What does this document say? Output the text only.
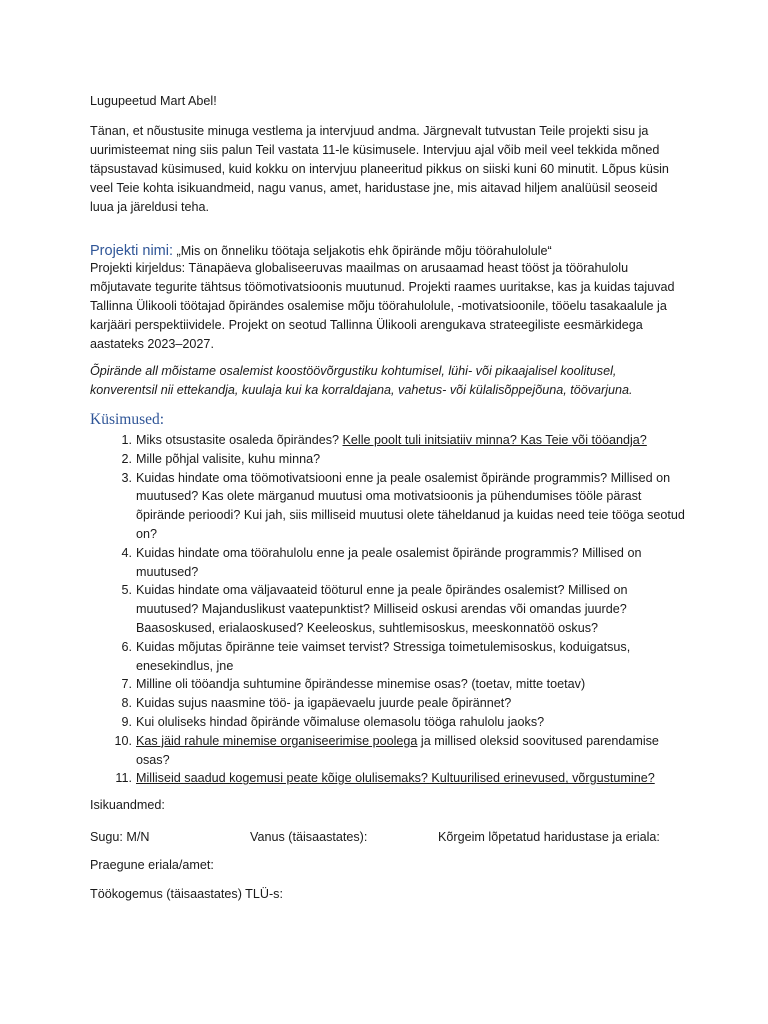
Lugupeetud Mart Abel!

Tänan, et nõustusite minuga vestlema ja intervjuud andma. Järgnevalt tutvustan Teile projekti sisu ja uurimisteemat ning siis palun Teil vastata 11-le küsimusele. Intervjuu ajal võib meil veel tekkida mõned täpsustavad küsimused, kuid kokku on intervjuu planeeritud pikkus on siiski kuni 60 minutit. Lõpus küsin veel Teie kohta isikuandmeid, nagu vanus, amet, haridustase jne, mis aitavad hiljem analüüsil seoseid luua ja järeldusi teha.

Projekti nimi: „Mis on õnneliku töötaja seljakotis ehk õpirände mõju töörahulolule“

Projekti kirjeldus: Tänapäeva globaliseeruvas maailmas on arusaamad heast tööst ja töörahulolu mõjutavate tegurite tähtsus töömotivatsioonis muutunud. Projekti raames uuritakse, kas ja kuidas tajuvad Tallinna Ülikooli töötajad õpirändes osalemise mõju töörahulolule, -motivatsioonile, tööelu tasakaalule ja karjääri perspektiividele. Projekt on seotud Tallinna Ülikooli arengukava strateegiliste eesmärkidega aastateks 2023–2027.

Õpirände all mõistame osalemist koostöövõrgustiku kohtumisel, lühi- või pikaajalisel koolitusel, konverentsil nii ettekandja, kuulaja kui ka korraldajana, vahetus- või külalisõppejõuna, töövarjuna.

Küsimused:
1. Miks otsustasite osaleda õpirändes? Kelle poolt tuli initsiatiiv minna? Kas Teie või tööandja?
2. Mille põhjal valisite, kuhu minna?
3. Kuidas hindate oma töömotivatsiooni enne ja peale osalemist õpirände programmis? Millised on muutused? Kas olete märganud muutusi oma motivatsioonis ja pühendumises tööle pärast õpirände perioodi? Kui jah, siis milliseid muutusi olete täheldanud ja kuidas need teie tööga seotud on?
4. Kuidas hindate oma töörahulolu enne ja peale osalemist õpirände programmis? Millised on muutused?
5. Kuidas hindate oma väljavaateid tööturul enne ja peale õpirändes osalemist? Millised on muutused? Majanduslikust vaatepunktist? Milliseid oskusi arendas või omandas juurde? Baasoskused, erialaoskused? Keeleoskus, suhtlemisoskus, meeskonnatöö oskus?
6. Kuidas mõjutas õpiränne teie vaimset tervist? Stressiga toimetulemisoskus, koduigatsus, enesekindlus, jne
7. Milline oli tööandja suhtumine õpirändesse minemise osas? (toetav, mitte toetav)
8. Kuidas sujus naasmine töö- ja igapäevaelu juurde peale õpirännet?
9. Kui oluliseks hindad õpirände võimaluse olemasolu tööga rahulolu jaoks?
10. Kas jäid rahule minemise organiseerimise poolega ja millised oleksid soovitused parendamise osas?
11. Milliseid saadud kogemusi peate kõige olulisemaks? Kultuurilised erinevused, võrgustumine?

Isikuandmed:

Sugu: M/N	Vanus (täisaastates):	Kõrgeim lõpetatud haridustase ja eriala:

Praegune eriala/amet:

Töökogemus (täisaastates) TLÜ-s:
